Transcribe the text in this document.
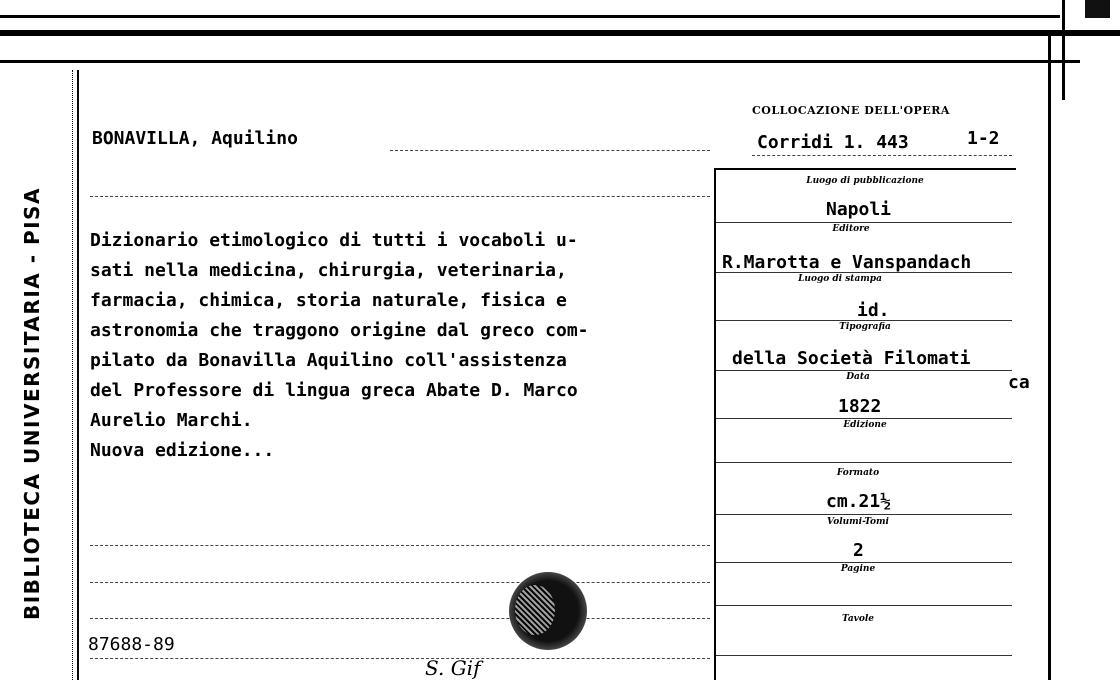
BIBLIOTECA UNIVERSITARIA - PISA
BONAVILLA, Aquilino
COLLOCAZIONE DELL'OPERA
Corridi 1. 443	1-2
Dizionario etimologico di tutti i vocaboli u-
sati nella medicina, chirurgia, veterinaria,
farmacia, chimica, storia naturale, fisica e
astronomia che traggono origine dal greco com-
pilato da Bonavilla Aquilino coll'assistenza
del Professore di lingua greca Abate D. Marco
Aurelio Marchi.
Nuova edizione...
Luogo di pubblicazione
Napoli
Editore
R.Marotta e Vanspandach
Luogo di stampa
id.
Tipografia
della Società Filomati
ca
Data
1822
Edizione
Formato
cm.21½
Volumi-Tomi
2
Pagine
Tavole
87688-89
S. Gif
